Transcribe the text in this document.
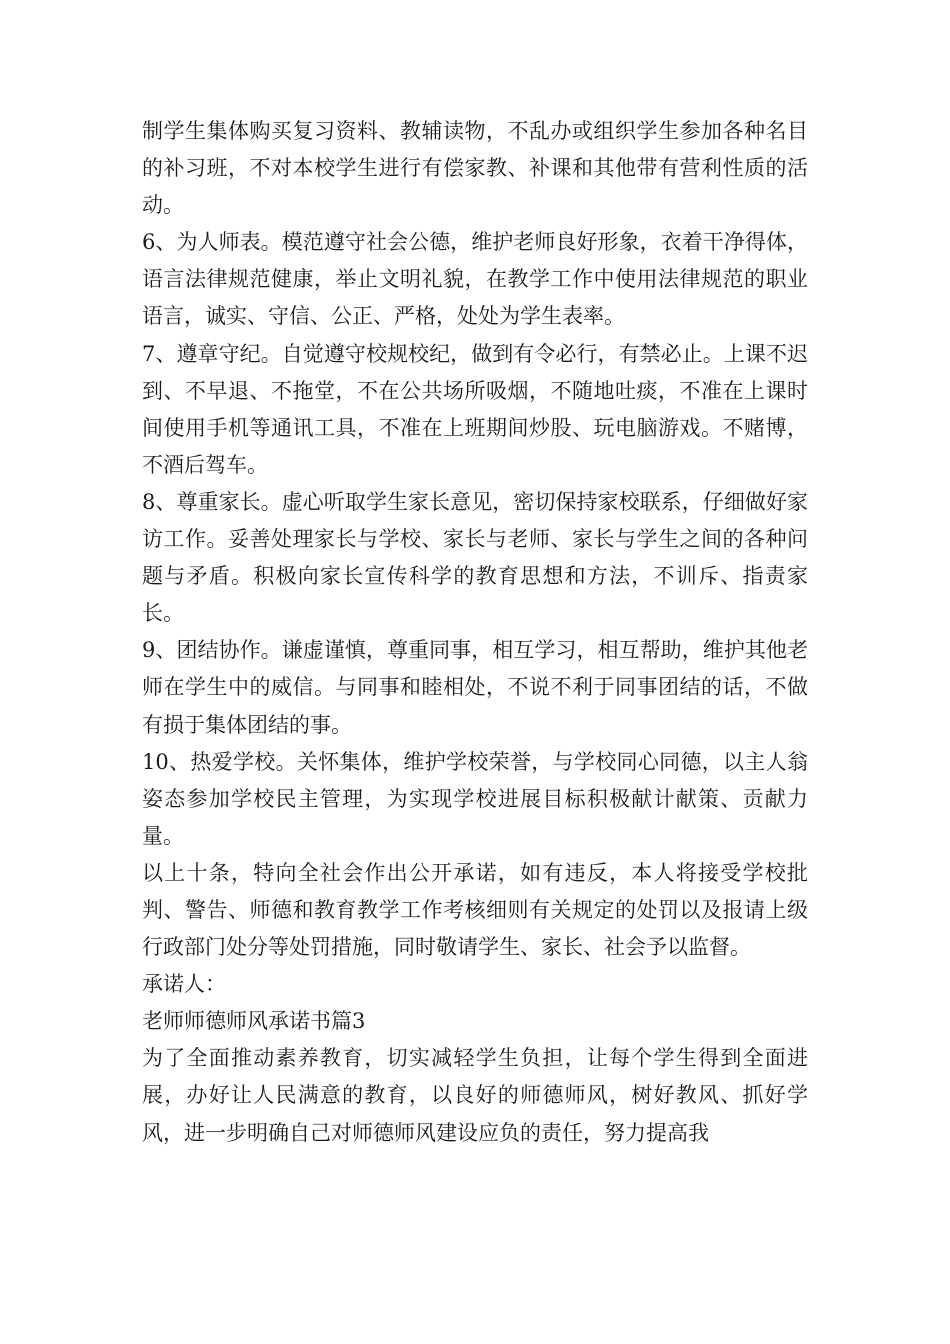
制学生集体购买复习资料、教辅读物，不乱办或组织学生参加各种名目的补习班，不对本校学生进行有偿家教、补课和其他带有营利性质的活动。

6、为人师表。模范遵守社会公德，维护老师良好形象，衣着干净得体，语言法律规范健康，举止文明礼貌，在教学工作中使用法律规范的职业语言，诚实、守信、公正、严格，处处为学生表率。

7、遵章守纪。自觉遵守校规校纪，做到有令必行，有禁必止。上课不迟到、不早退、不拖堂，不在公共场所吸烟，不随地吐痰，不准在上课时间使用手机等通讯工具，不准在上班期间炒股、玩电脑游戏。不赌博，不酒后驾车。

8、尊重家长。虚心听取学生家长意见，密切保持家校联系，仔细做好家访工作。妥善处理家长与学校、家长与老师、家长与学生之间的各种问题与矛盾。积极向家长宣传科学的教育思想和方法，不训斥、指责家长。

9、团结协作。谦虚谨慎，尊重同事，相互学习，相互帮助，维护其他老师在学生中的威信。与同事和睦相处，不说不利于同事团结的话，不做有损于集体团结的事。

10、热爱学校。关怀集体，维护学校荣誉，与学校同心同德，以主人翁姿态参加学校民主管理，为实现学校进展目标积极献计献策、贡献力量。

以上十条，特向全社会作出公开承诺，如有违反，本人将接受学校批判、警告、师德和教育教学工作考核细则有关规定的处罚以及报请上级行政部门处分等处罚措施，同时敬请学生、家长、社会予以监督。

承诺人：

老师师德师风承诺书篇3

为了全面推动素养教育，切实减轻学生负担，让每个学生得到全面进展，办好让人民满意的教育，以良好的师德师风，树好教风、抓好学风，进一步明确自己对师德师风建设应负的责任，努力提高我
